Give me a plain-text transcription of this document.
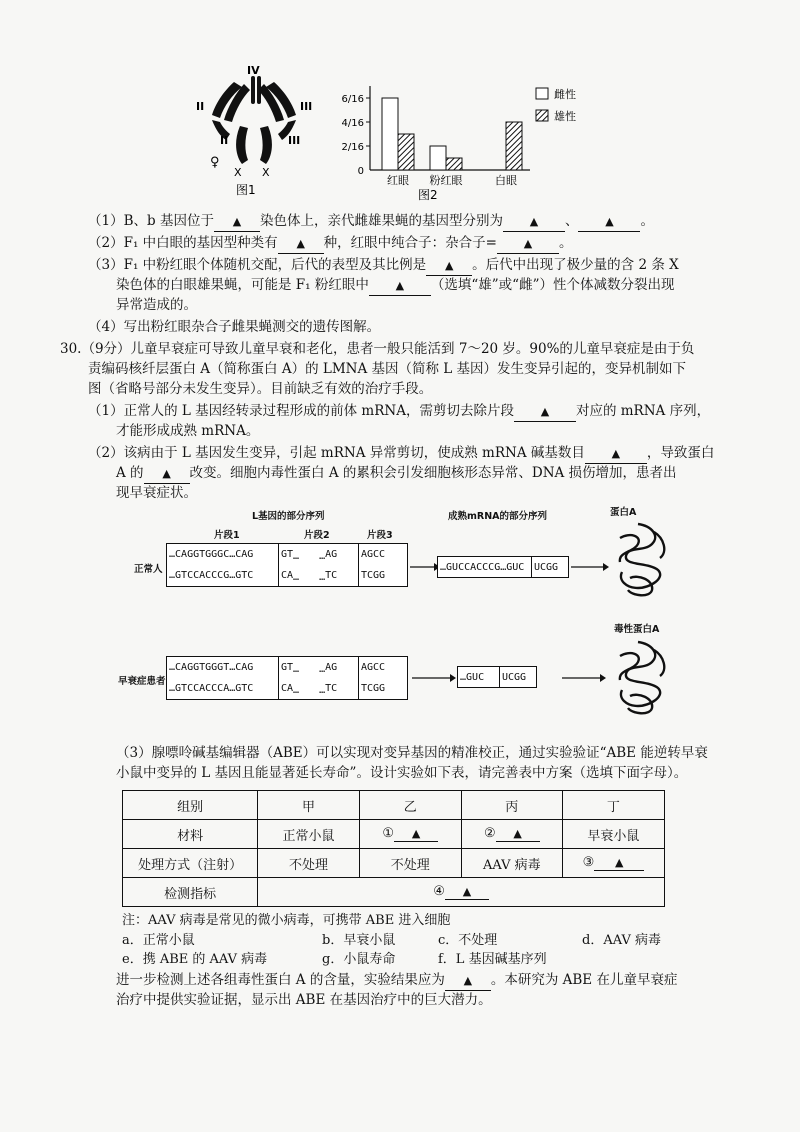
IV
II	III
II	III
♀
X X
图1
6/16
4/16
2/16
0
红眼 粉红眼	白眼
雌性
雄性
图2
（1）B、b 基因位于 ▲ 染色体上，亲代雌雄果蝇的基因型分别为 ▲ 、 ▲ 。
（2）F₁ 中白眼的基因型种类有 ▲ 种，红眼中纯合子：杂合子= ▲ 。
（3）F₁ 中粉红眼个体随机交配，后代的表型及其比例是 ▲ 。后代中出现了极少量的含 2 条 X
染色体的白眼雄果蝇，可能是 F₁ 粉红眼中 ▲ （选填“雄”或“雌”）性个体减数分裂出现
异常造成的。
（4）写出粉红眼杂合子雌果蝇测交的遗传图解。
30.（9分）儿童早衰症可导致儿童早衰和老化，患者一般只能活到 7～20 岁。90%的儿童早衰症是由于负
责编码核纤层蛋白 A（简称蛋白 A）的 LMNA 基因（简称 L 基因）发生变异引起的，变异机制如下
图（省略号部分未发生变异）。目前缺乏有效的治疗手段。
（1）正常人的 L 基因经转录过程形成的前体 mRNA，需剪切去除片段 ▲ 对应的 mRNA 序列，
才能形成成熟 mRNA。
（2）该病由于 L 基因发生变异，引起 mRNA 异常剪切，使成熟 mRNA 碱基数目 ▲ ，导致蛋白
A 的 ▲ 改变。细胞内毒性蛋白 A 的累积会引发细胞核形态异常、DNA 损伤增加，患者出
现早衰症状。
L基因的部分序列	成熟mRNA的部分序列	蛋白A
片段1	片段2	片段3
正常人
… CAGGTGGGC … CAG
… GTCCACCCG … GTC
GT …　　… AG
CA …　　… TC
AGCC
TCGG
… GUCCACCCG … GUC UCGG
毒性蛋白A
早衰症患者
… CAGGTGGGT … CAG
… GTCCACCCA … GTC
GT …　　… AG
CA …　　… TC
AGCC
TCGG
… GUC UCGG
（3）腺嘌呤碱基编辑器（ABE）可以实现对变异基因的精准校正，通过实验验证“ABE 能逆转早衰
小鼠中变异的 L 基因且能显著延长寿命”。设计实验如下表，请完善表中方案（选填下面字母）。
组别	甲	乙	丙	丁
材料	正常小鼠	① ▲	② ▲	早衰小鼠
处理方式（注射）	不处理	不处理	AAV 病毒	③ ▲
检测指标	④ ▲			
注：AAV 病毒是常见的微小病毒，可携带 ABE 进入细胞
a．正常小鼠	b．早衰小鼠	c．不处理	d．AAV 病毒
e．携 ABE 的 AAV 病毒	g．小鼠寿命	f．L 基因碱基序列
进一步检测上述各组毒性蛋白 A 的含量，实验结果应为 ▲ 。本研究为 ABE 在儿童早衰症
治疗中提供实验证据，显示出 ABE 在基因治疗中的巨大潜力。
